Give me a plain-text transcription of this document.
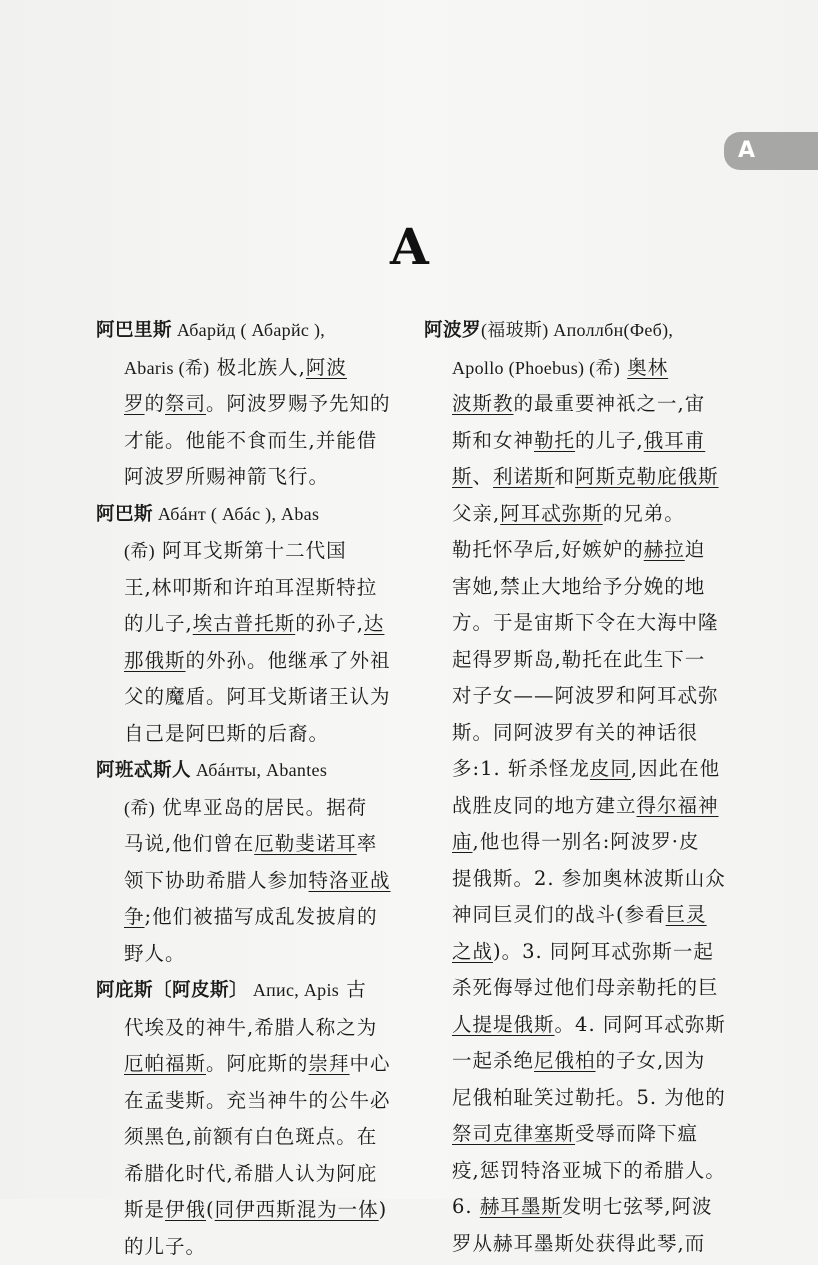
A
A
阿巴里斯 Абарйд ( Абарйс ),
Abaris (希) 极北族人,阿波
罗的祭司。阿波罗赐予先知的
才能。他能不食而生,并能借
阿波罗所赐神箭飞行。
阿巴斯 Абáнт ( Абáс ), Abas
(希) 阿耳戈斯第十二代国
王,林叩斯和许珀耳涅斯特拉
的儿子,埃古普托斯的孙子,达
那俄斯的外孙。他继承了外祖
父的魔盾。阿耳戈斯诸王认为
自己是阿巴斯的后裔。
阿班忒斯人 Абáнты, Abantes
(希) 优卑亚岛的居民。据荷
马说,他们曾在厄勒斐诺耳率
领下协助希腊人参加特洛亚战
争;他们被描写成乱发披肩的
野人。
阿庇斯〔阿皮斯〕 Апис, Apis 古
代埃及的神牛,希腊人称之为
厄帕福斯。阿庇斯的崇拜中心
在孟斐斯。充当神牛的公牛必
须黑色,前额有白色斑点。在
希腊化时代,希腊人认为阿庇
斯是伊俄(同伊西斯混为一体)
的儿子。
阿波罗(福玻斯) Аполлбн(Феб),
Apollo (Phoebus) (希) 奥林
波斯教的最重要神祇之一,宙
斯和女神勒托的儿子,俄耳甫
斯、利诺斯和阿斯克勒庇俄斯
父亲,阿耳忒弥斯的兄弟。
勒托怀孕后,好嫉妒的赫拉迫
害她,禁止大地给予分娩的地
方。于是宙斯下令在大海中隆
起得罗斯岛,勒托在此生下一
对子女——阿波罗和阿耳忒弥
斯。同阿波罗有关的神话很
多:1. 斩杀怪龙皮同,因此在他
战胜皮同的地方建立得尔福神
庙,他也得一别名:阿波罗·皮
提俄斯。2. 参加奥林波斯山众
神同巨灵们的战斗(参看巨灵
之战)。3. 同阿耳忒弥斯一起
杀死侮辱过他们母亲勒托的巨
人提堤俄斯。4. 同阿耳忒弥斯
一起杀绝尼俄柏的子女,因为
尼俄柏耻笑过勒托。5. 为他的
祭司克律塞斯受辱而降下瘟
疫,惩罚特洛亚城下的希腊人。
6. 赫耳墨斯发明七弦琴,阿波
罗从赫耳墨斯处获得此琴,而
